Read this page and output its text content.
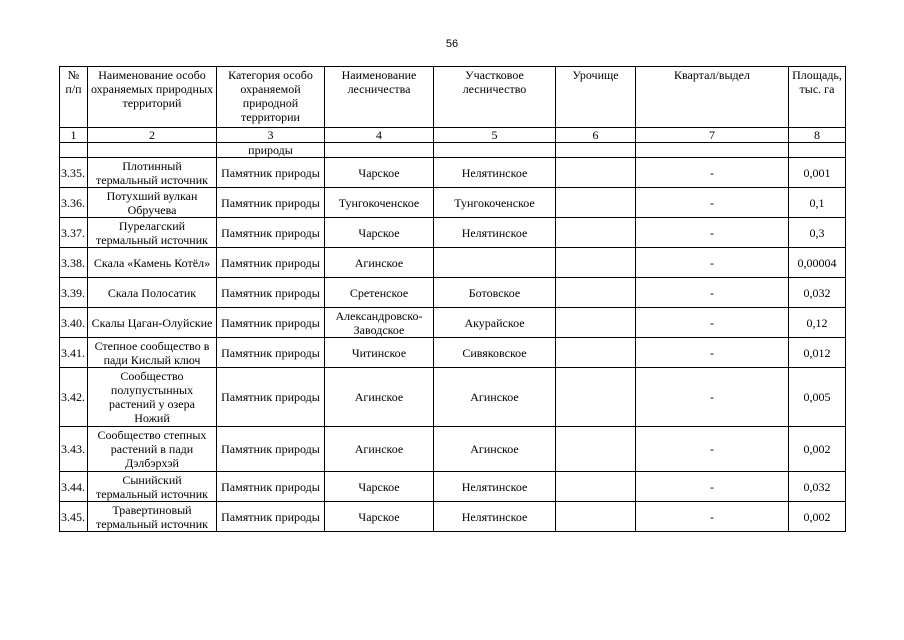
56
№ п/п	Наименование особо охраняемых природных территорий	Категория особо охраняемой природной территории	Наименование лесничества	Участковое лесничество	Урочище	Квартал/выдел	Площадь, тыс. га
1	2	3	4	5	6	7	8
		природы					
3.35.	Плотинный термальный источник	Памятник природы	Чарское	Нелятинское		-	0,001
3.36.	Потухший вулкан Обручева	Памятник природы	Тунгокоченское	Тунгокоченское		-	0,1
3.37.	Пурелагский термальный источник	Памятник природы	Чарское	Нелятинское		-	0,3
3.38.	Скала «Камень Котёл»	Памятник природы	Агинское			-	0,00004
3.39.	Скала Полосатик	Памятник природы	Сретенское	Ботовское		-	0,032
3.40.	Скалы Цаган-Олуйские	Памятник природы	Александровско-Заводское	Акурайское		-	0,12
3.41.	Степное сообщество в пади Кислый ключ	Памятник природы	Читинское	Сивяковское		-	0,012
3.42.	Сообщество полупустынных растений у озера Ножий	Памятник природы	Агинское	Агинское		-	0,005
3.43.	Сообщество степных растений в пади Дэлбэрхэй	Памятник природы	Агинское	Агинское		-	0,002
3.44.	Сынийский термальный источник	Памятник природы	Чарское	Нелятинское		-	0,032
3.45.	Травертиновый термальный источник	Памятник природы	Чарское	Нелятинское		-	0,002
